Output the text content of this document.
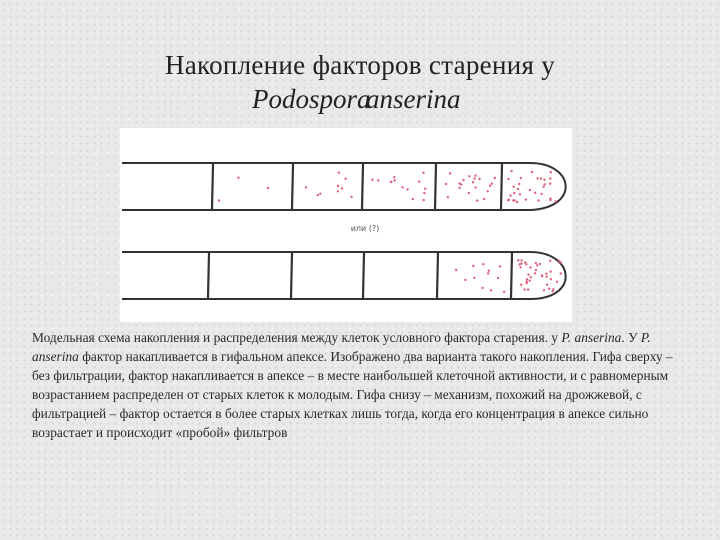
Накопление факторов старения у
Podospora
anserina
или (?)

Модельная схема накопления и распределения между клеток условного фактора старения. у P. anserina. У P. anserina фактор накапливается в гифальном апексе. Изображено два варианта такого накопления. Гифа сверху – без фильтрации, фактор накапливается в апексе – в месте наибольшей клеточной активности, и с равномерным возрастанием распределен от старых клеток к молодым. Гифа снизу – механизм, похожий на дрожжевой, с фильтрацией – фактор остается в более старых клетках лишь тогда, когда его концентрация в апексе сильно возрастает и происходит «пробой» фильтров
